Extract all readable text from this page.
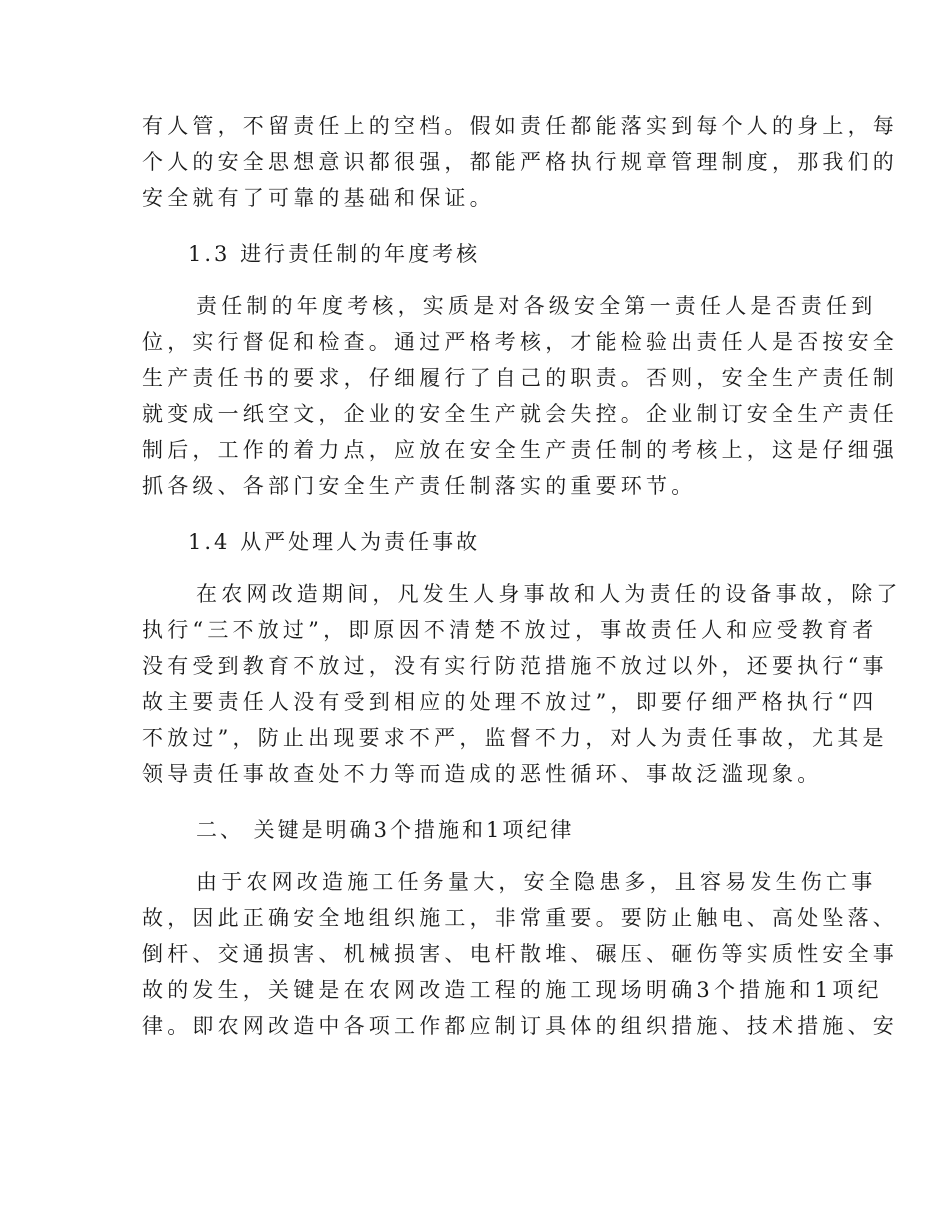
有人管，不留责任上的空档。假如责任都能落实到每个人的身上，每
个人的安全思想意识都很强，都能严格执行规章管理制度，那我们的
安全就有了可靠的基础和保证。
1.3 进行责任制的年度考核
责任制的年度考核，实质是对各级安全第一责任人是否责任到
位，实行督促和检查。通过严格考核，才能检验出责任人是否按安全
生产责任书的要求，仔细履行了自己的职责。否则，安全生产责任制
就变成一纸空文，企业的安全生产就会失控。企业制订安全生产责任
制后，工作的着力点，应放在安全生产责任制的考核上，这是仔细强
抓各级、各部门安全生产责任制落实的重要环节。
1.4 从严处理人为责任事故
在农网改造期间，凡发生人身事故和人为责任的设备事故，除了
执行“三不放过”，即原因不清楚不放过，事故责任人和应受教育者
没有受到教育不放过，没有实行防范措施不放过以外，还要执行“事
故主要责任人没有受到相应的处理不放过”，即要仔细严格执行“四
不放过”，防止出现要求不严，监督不力，对人为责任事故，尤其是
领导责任事故查处不力等而造成的恶性循环、事故泛滥现象。
二、 关键是明确3个措施和1项纪律
由于农网改造施工任务量大，安全隐患多，且容易发生伤亡事
故，因此正确安全地组织施工，非常重要。要防止触电、高处坠落、
倒杆、交通损害、机械损害、电杆散堆、碾压、砸伤等实质性安全事
故的发生，关键是在农网改造工程的施工现场明确3个措施和1项纪
律。即农网改造中各项工作都应制订具体的组织措施、技术措施、安
